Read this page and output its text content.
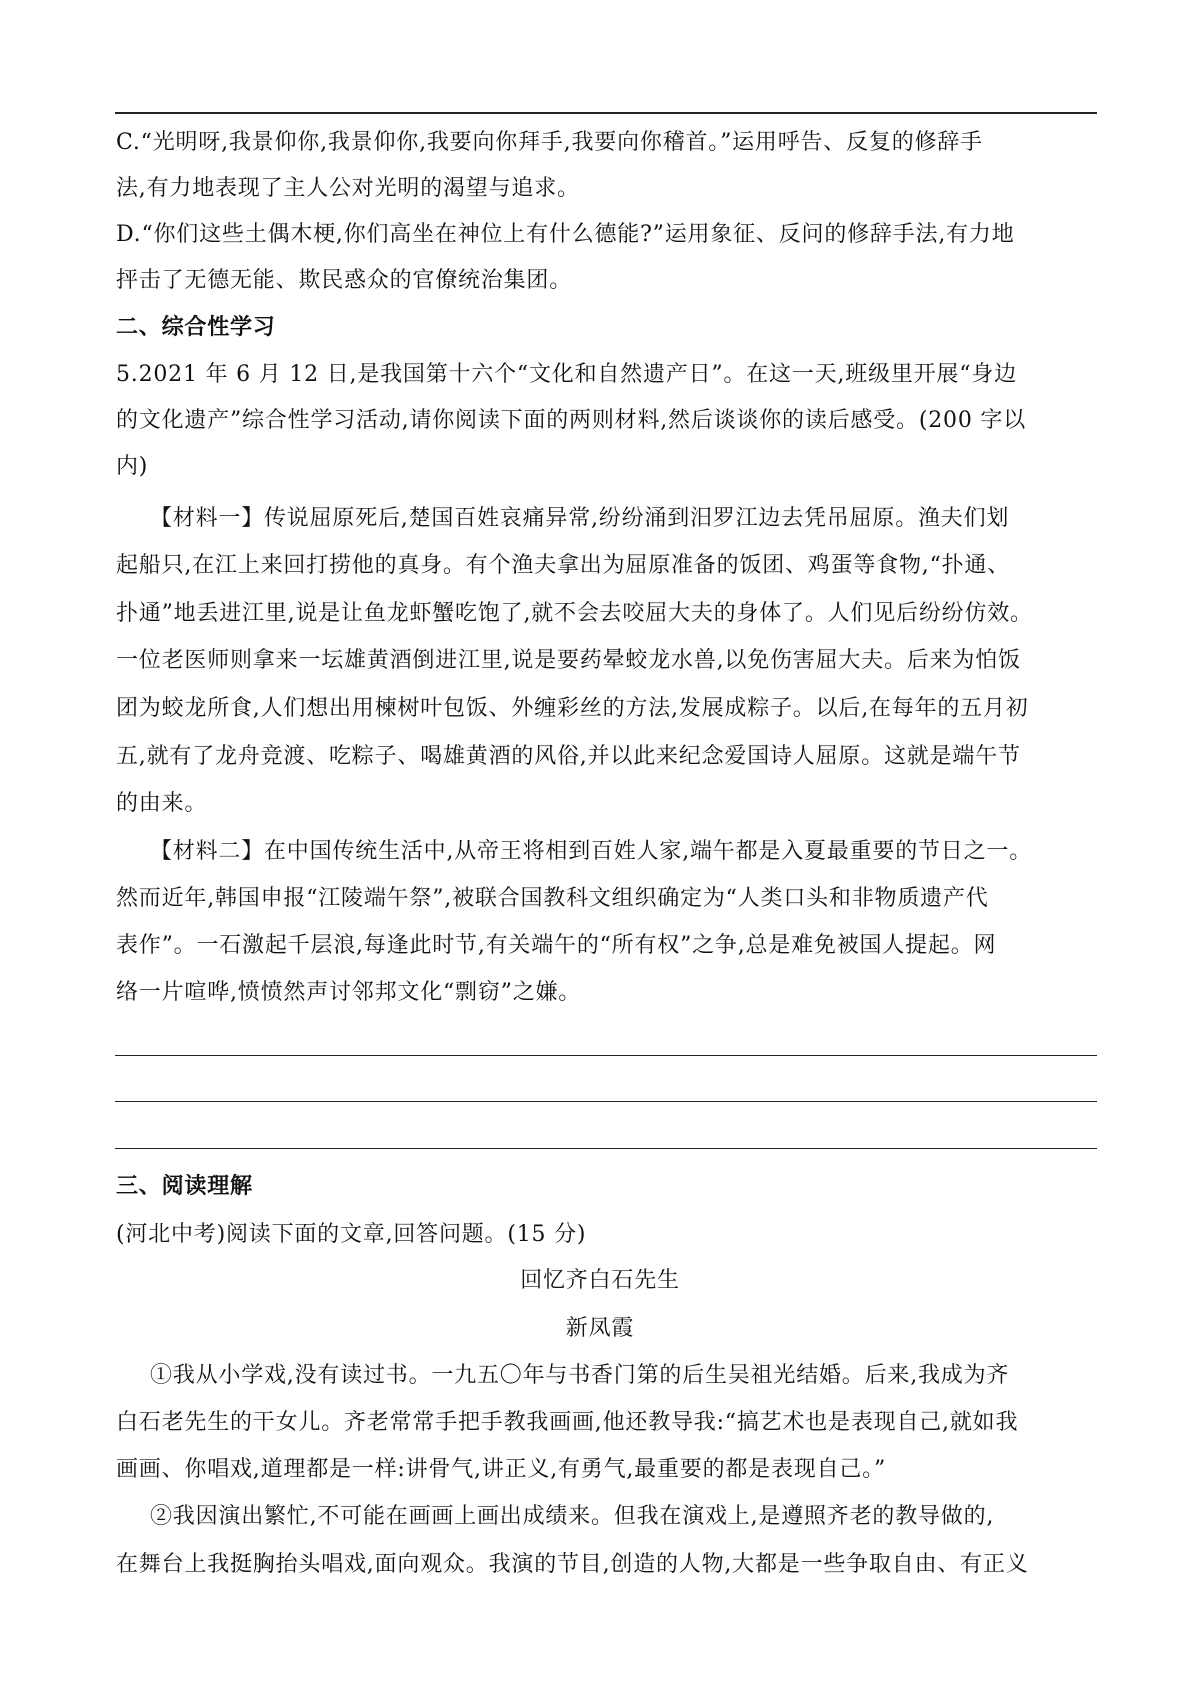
C.“光明呀,我景仰你,我景仰你,我要向你拜手,我要向你稽首。”运用呼告、反复的修辞手
法,有力地表现了主人公对光明的渴望与追求。
D.“你们这些土偶木梗,你们高坐在神位上有什么德能?”运用象征、反问的修辞手法,有力地
抨击了无德无能、欺民惑众的官僚统治集团。
二、综合性学习
5.2021 年 6 月 12 日,是我国第十六个“文化和自然遗产日”。在这一天,班级里开展“身边
的文化遗产”综合性学习活动,请你阅读下面的两则材料,然后谈谈你的读后感受。(200 字以
内)
【材料一】传说屈原死后,楚国百姓哀痛异常,纷纷涌到汨罗江边去凭吊屈原。渔夫们划
起船只,在江上来回打捞他的真身。有个渔夫拿出为屈原准备的饭团、鸡蛋等食物,“扑通、
扑通”地丢进江里,说是让鱼龙虾蟹吃饱了,就不会去咬屈大夫的身体了。人们见后纷纷仿效。
一位老医师则拿来一坛雄黄酒倒进江里,说是要药晕蛟龙水兽,以免伤害屈大夫。后来为怕饭
团为蛟龙所食,人们想出用楝树叶包饭、外缠彩丝的方法,发展成粽子。以后,在每年的五月初
五,就有了龙舟竞渡、吃粽子、喝雄黄酒的风俗,并以此来纪念爱国诗人屈原。这就是端午节
的由来。
【材料二】在中国传统生活中,从帝王将相到百姓人家,端午都是入夏最重要的节日之一。
然而近年,韩国申报“江陵端午祭”,被联合国教科文组织确定为“人类口头和非物质遗产代
表作”。一石激起千层浪,每逢此时节,有关端午的“所有权”之争,总是难免被国人提起。网
络一片喧哗,愤愤然声讨邻邦文化“剽窃”之嫌。
三、阅读理解
(河北中考)阅读下面的文章,回答问题。(15 分)
回忆齐白石先生
新凤霞
①我从小学戏,没有读过书。一九五〇年与书香门第的后生吴祖光结婚。后来,我成为齐
白石老先生的干女儿。齐老常常手把手教我画画,他还教导我:“搞艺术也是表现自己,就如我
画画、你唱戏,道理都是一样:讲骨气,讲正义,有勇气,最重要的都是表现自己。”
②我因演出繁忙,不可能在画画上画出成绩来。但我在演戏上,是遵照齐老的教导做的,
在舞台上我挺胸抬头唱戏,面向观众。我演的节目,创造的人物,大都是一些争取自由、有正义
